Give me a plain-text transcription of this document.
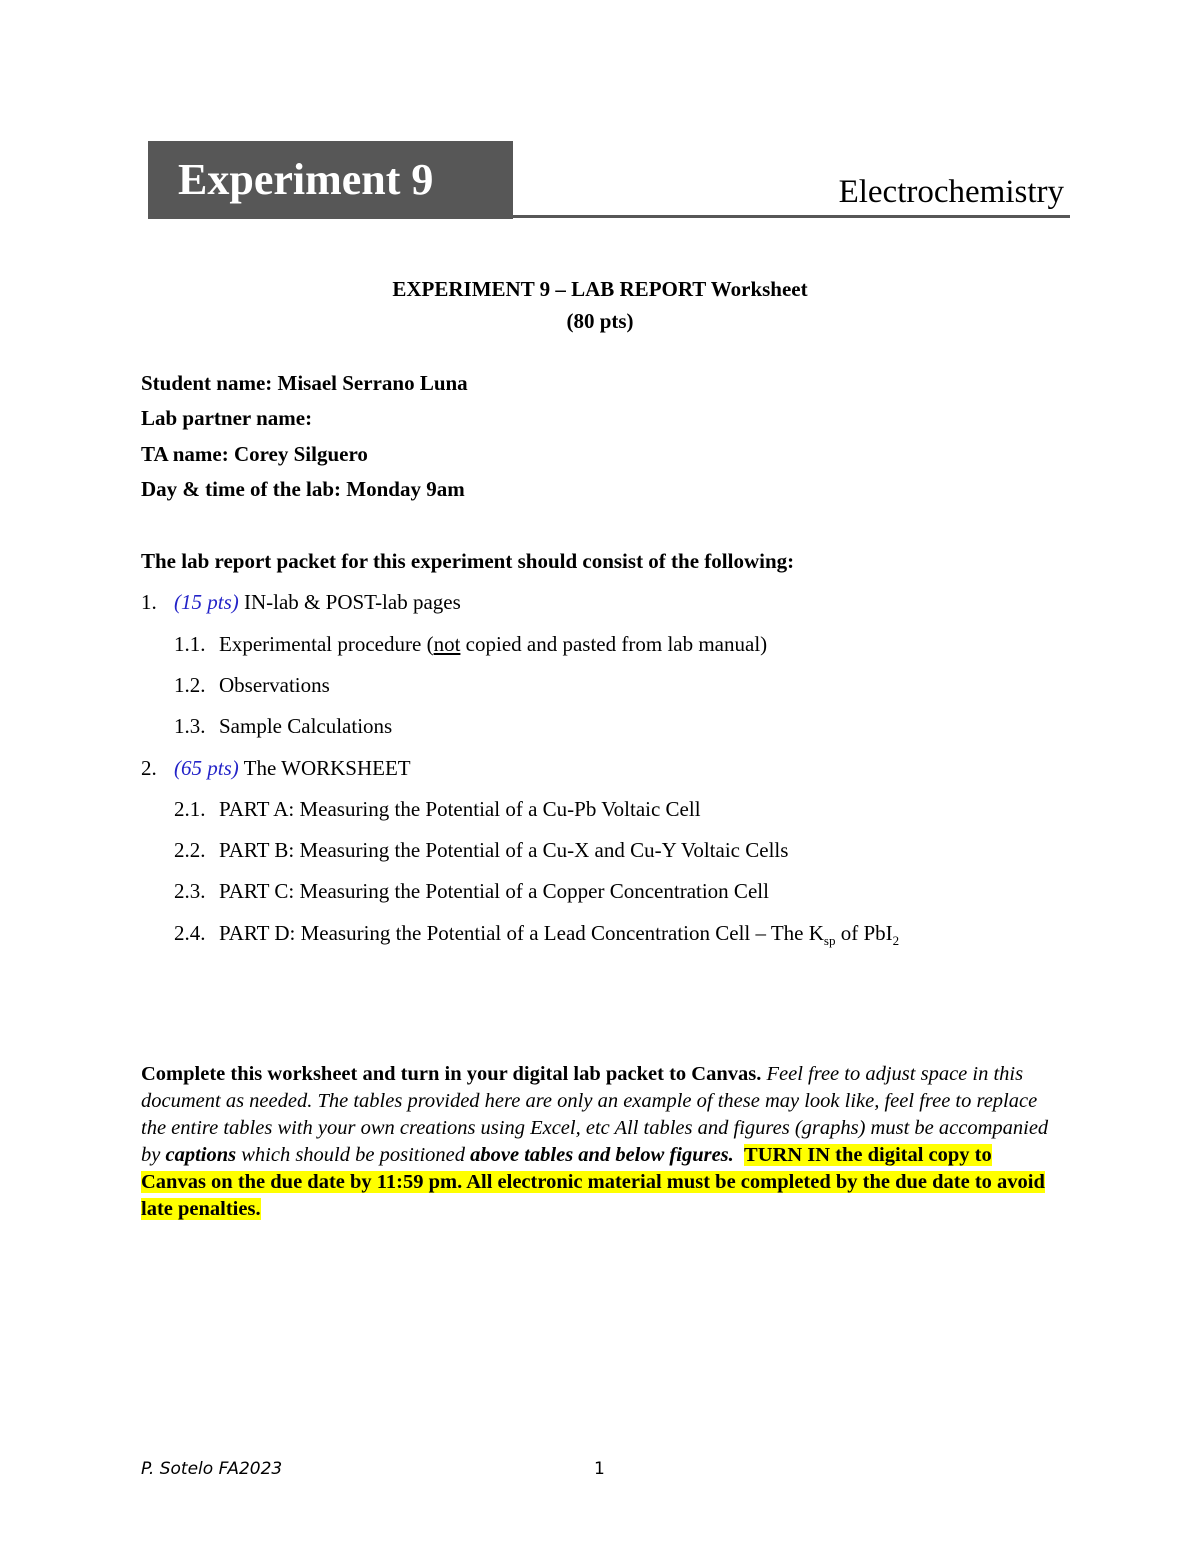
Experiment 9	Electrochemistry
EXPERIMENT 9 – LAB REPORT Worksheet
(80 pts)
Student name: Misael Serrano Luna
Lab partner name:
TA name: Corey Silguero
Day & time of the lab: Monday 9am
The lab report packet for this experiment should consist of the following:
1. (15 pts) IN-lab & POST-lab pages
1.1. Experimental procedure (not copied and pasted from lab manual)
1.2. Observations
1.3. Sample Calculations
2. (65 pts) The WORKSHEET
2.1. PART A: Measuring the Potential of a Cu-Pb Voltaic Cell
2.2. PART B: Measuring the Potential of a Cu-X and Cu-Y Voltaic Cells
2.3. PART C: Measuring the Potential of a Copper Concentration Cell
2.4. PART D: Measuring the Potential of a Lead Concentration Cell – The $K_{sp}$ of PbI$_2$
Complete this worksheet and turn in your digital lab packet to Canvas. Feel free to adjust space in this document as needed. The tables provided here are only an example of these may look like, feel free to replace the entire tables with your own creations using Excel, etc All tables and figures (graphs) must be accompanied by captions which should be positioned above tables and below figures. TURN IN the digital copy to Canvas on the due date by 11:59 pm. All electronic material must be completed by the due date to avoid late penalties.
P. Sotelo FA2023	1
